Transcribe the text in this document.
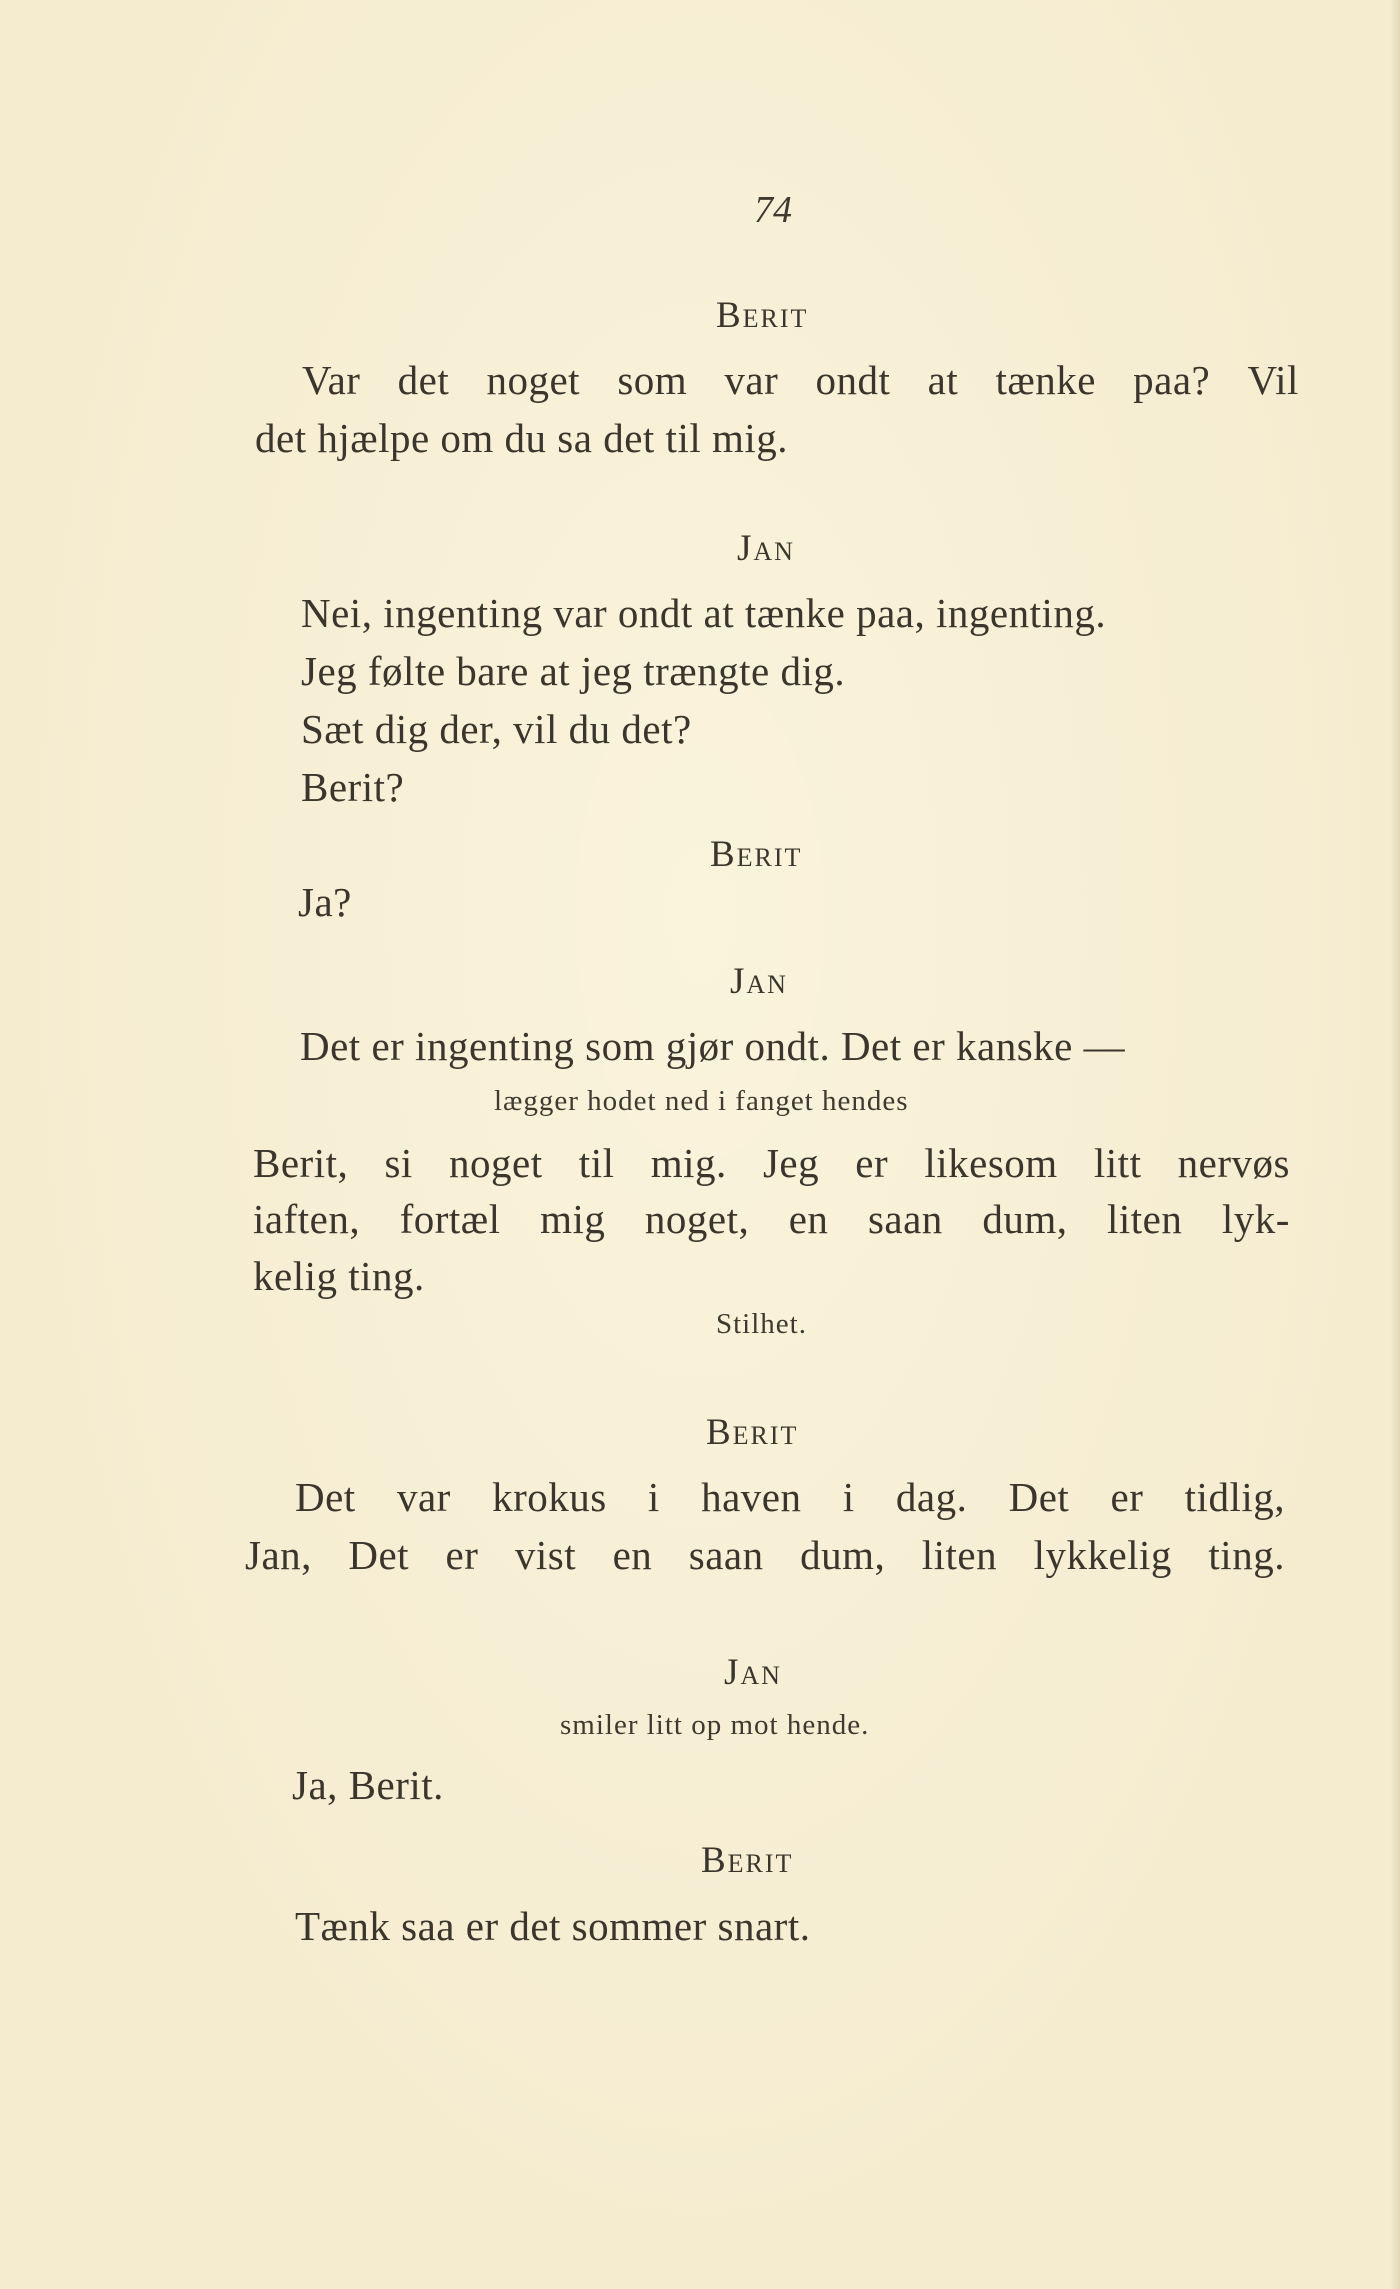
74
Berit
Var det noget som var ondt at tænke paa? Vil
det hjælpe om du sa det til mig.
Jan
Nei, ingenting var ondt at tænke paa, ingenting.
Jeg følte bare at jeg trængte dig.
Sæt dig der, vil du det?
Berit?
Berit
Ja?
Jan
Det er ingenting som gjør ondt. Det er kanske —
lægger hodet ned i fanget hendes
Berit, si noget til mig. Jeg er likesom litt nervøs
iaften, fortæl mig noget, en saan dum, liten lyk-
kelig ting.
Stilhet.
Berit
Det var krokus i haven i dag. Det er tidlig,
Jan, Det er vist en saan dum, liten lykkelig ting.
Jan
smiler litt op mot hende.
Ja, Berit.
Berit
Tænk saa er det sommer snart.
